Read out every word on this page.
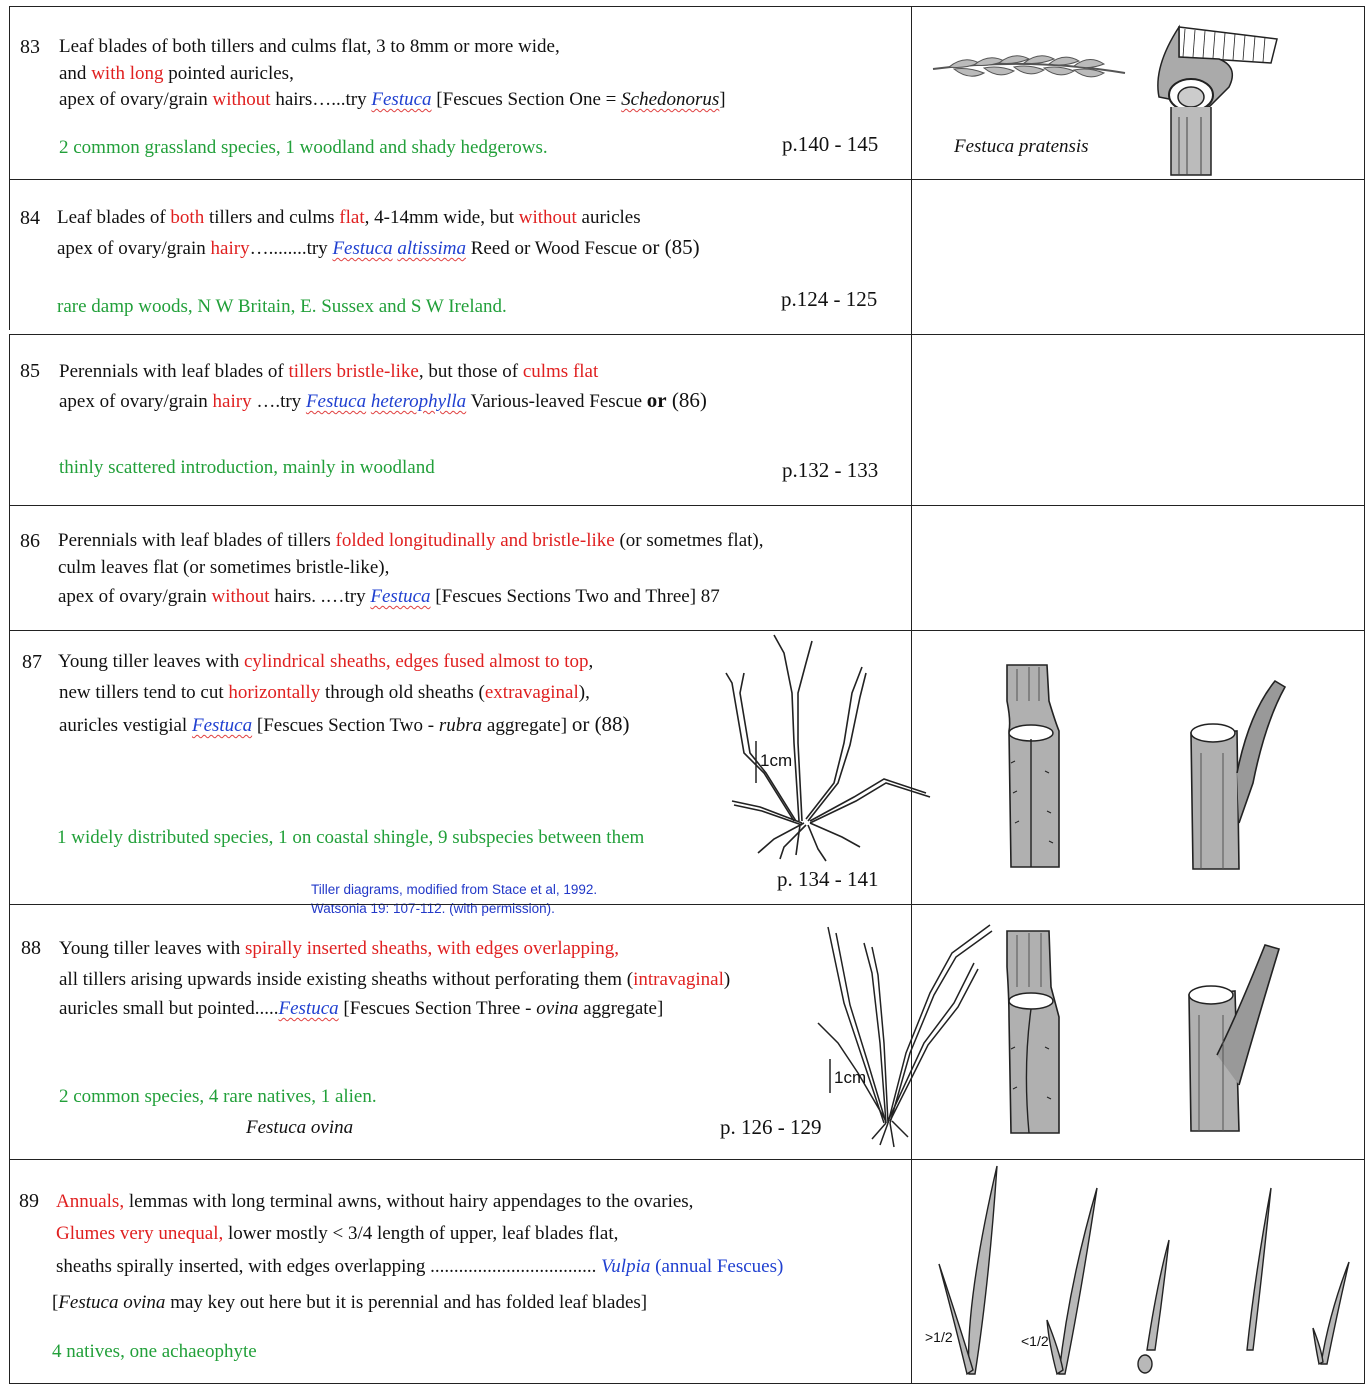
83 Leaf blades of both tillers and culms flat, 3 to 8mm or more wide,
and with long pointed auricles,
apex of ovary/grain without hairs…...try Festuca [Fescues Section One = Schedonorus]
2 common grassland species, 1 woodland and shady hedgerows.	p.140 - 145	Festuca pratensis
84 Leaf blades of both tillers and culms flat, 4-14mm wide, but without auricles
apex of ovary/grain hairy…........try Festuca altissima Reed or Wood Fescue or (85)
rare damp woods, N W Britain, E. Sussex and S W Ireland.	p.124 - 125
85 Perennials with leaf blades of tillers bristle-like, but those of culms flat
apex of ovary/grain hairy ….try Festuca heterophylla Various-leaved Fescue or (86)
thinly scattered introduction, mainly in woodland	p.132 - 133
86 Perennials with leaf blades of tillers folded longitudinally and bristle-like (or sometmes flat),
culm leaves flat (or sometimes bristle-like),
apex of ovary/grain without hairs. .…try Festuca [Fescues Sections Two and Three] 87
87 Young tiller leaves with cylindrical sheaths, edges fused almost to top,
new tillers tend to cut horizontally through old sheaths (extravaginal),
auricles vestigial Festuca [Fescues Section Two - rubra aggregate] or (88)
1 widely distributed species, 1 on coastal shingle, 9 subspecies between them
p. 134 - 141
1cm
Tiller diagrams, modified from Stace et al, 1992.
Watsonia 19: 107-112. (with permission).
88 Young tiller leaves with spirally inserted sheaths, with edges overlapping,
all tillers arising upwards inside existing sheaths without perforating them (intravaginal)
auricles small but pointed.....Festuca [Fescues Section Three - ovina aggregate]
2 common species, 4 rare natives, 1 alien.
Festuca ovina	p. 126 - 129
1cm
89 Annuals, lemmas with long terminal awns, without hairy appendages to the ovaries,
Glumes very unequal, lower mostly < 3/4 length of upper, leaf blades flat,
sheaths spirally inserted, with edges overlapping ................................... Vulpia (annual Fescues)
[Festuca ovina may key out here but it is perennial and has folded leaf blades]
4 natives, one achaeophyte
>1/2	<1/2
